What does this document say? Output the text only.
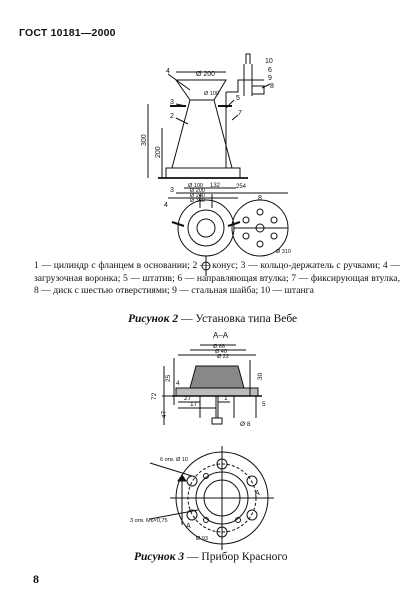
ГОСТ 10181—2000
4	Ø 200
Ø 100
3
2
5
7
10
6
9
8
300
200
Ø 100
Ø 200
Ø 240
Ø 300
3
4
132	254
8
Ø 310

1 — цилиндр с фланцем в основании; 2 — конус; 3 — кольцо-держатель с ручками; 4 — загрузочная воронка; 5 — штатив; 6 — направляющая втулка; 7 — фиксирующая втулка, 8 — диск с шестью отверстиями; 9 — стальная шайба; 10 — штанга

Рисунок 2 — Установка типа Вебе
А–А
Ø 66
Ø 40
Ø 22
72
25
47
30
4
27
17	5
1
Ø 8
6 отв. Ø 10
3 отв. M6×0,75
Ø 93
А
А
Рисунок 3 — Прибор Красного
8
